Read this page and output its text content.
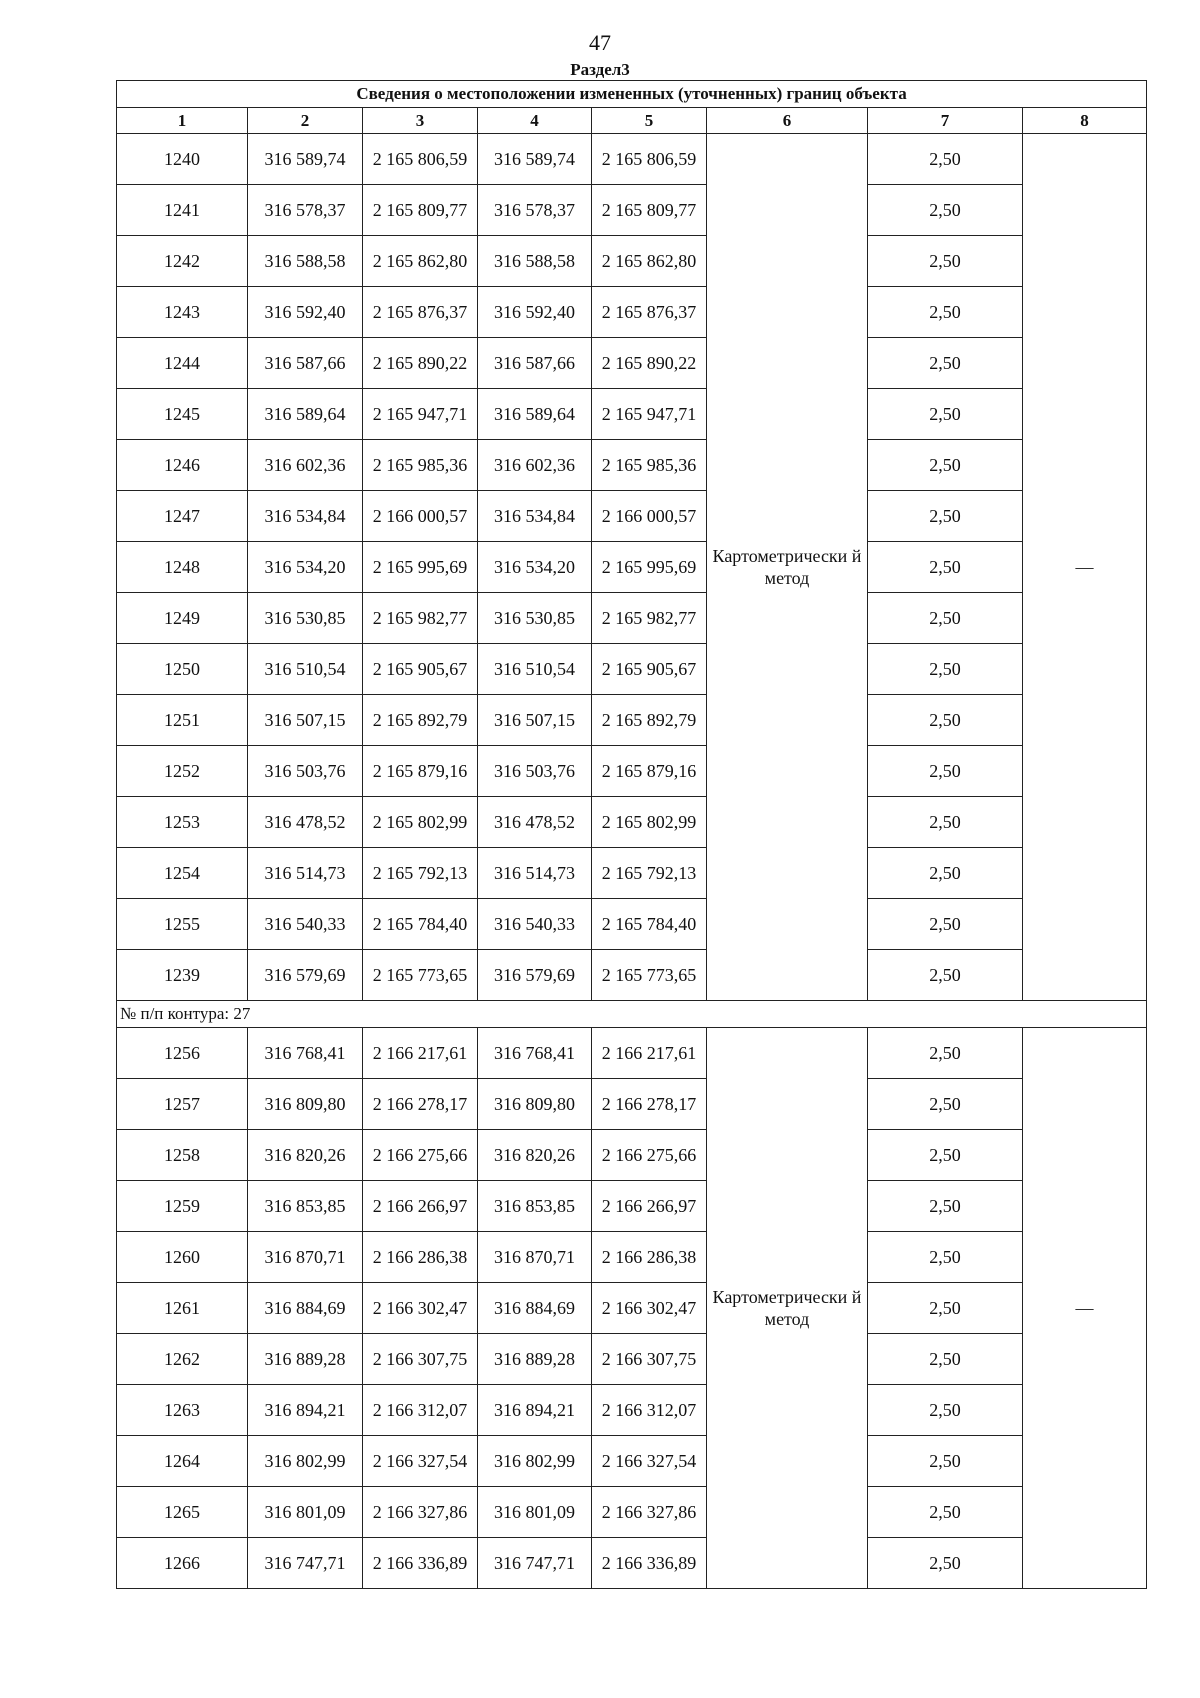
47
Раздел3
Сведения о местоположении измененных (уточненных) границ объекта							
1	2	3	4	5	6	7	8
1240	316 589,74	2 165 806,59	316 589,74	2 165 806,59	Картометрически й метод	2,50	—
1241	316 578,37	2 165 809,77	316 578,37	2 165 809,77		2,50	
1242	316 588,58	2 165 862,80	316 588,58	2 165 862,80		2,50	
1243	316 592,40	2 165 876,37	316 592,40	2 165 876,37		2,50	
1244	316 587,66	2 165 890,22	316 587,66	2 165 890,22		2,50	
1245	316 589,64	2 165 947,71	316 589,64	2 165 947,71		2,50	
1246	316 602,36	2 165 985,36	316 602,36	2 165 985,36		2,50	
1247	316 534,84	2 166 000,57	316 534,84	2 166 000,57		2,50	
1248	316 534,20	2 165 995,69	316 534,20	2 165 995,69		2,50	
1249	316 530,85	2 165 982,77	316 530,85	2 165 982,77		2,50	
1250	316 510,54	2 165 905,67	316 510,54	2 165 905,67		2,50	
1251	316 507,15	2 165 892,79	316 507,15	2 165 892,79		2,50	
1252	316 503,76	2 165 879,16	316 503,76	2 165 879,16		2,50	
1253	316 478,52	2 165 802,99	316 478,52	2 165 802,99		2,50	
1254	316 514,73	2 165 792,13	316 514,73	2 165 792,13		2,50	
1255	316 540,33	2 165 784,40	316 540,33	2 165 784,40		2,50	
1239	316 579,69	2 165 773,65	316 579,69	2 165 773,65		2,50	
№ п/п контура: 27							
1256	316 768,41	2 166 217,61	316 768,41	2 166 217,61	Картометрически й метод	2,50	—
1257	316 809,80	2 166 278,17	316 809,80	2 166 278,17		2,50	
1258	316 820,26	2 166 275,66	316 820,26	2 166 275,66		2,50	
1259	316 853,85	2 166 266,97	316 853,85	2 166 266,97		2,50	
1260	316 870,71	2 166 286,38	316 870,71	2 166 286,38		2,50	
1261	316 884,69	2 166 302,47	316 884,69	2 166 302,47		2,50	
1262	316 889,28	2 166 307,75	316 889,28	2 166 307,75		2,50	
1263	316 894,21	2 166 312,07	316 894,21	2 166 312,07		2,50	
1264	316 802,99	2 166 327,54	316 802,99	2 166 327,54		2,50	
1265	316 801,09	2 166 327,86	316 801,09	2 166 327,86		2,50	
1266	316 747,71	2 166 336,89	316 747,71	2 166 336,89		2,50	
